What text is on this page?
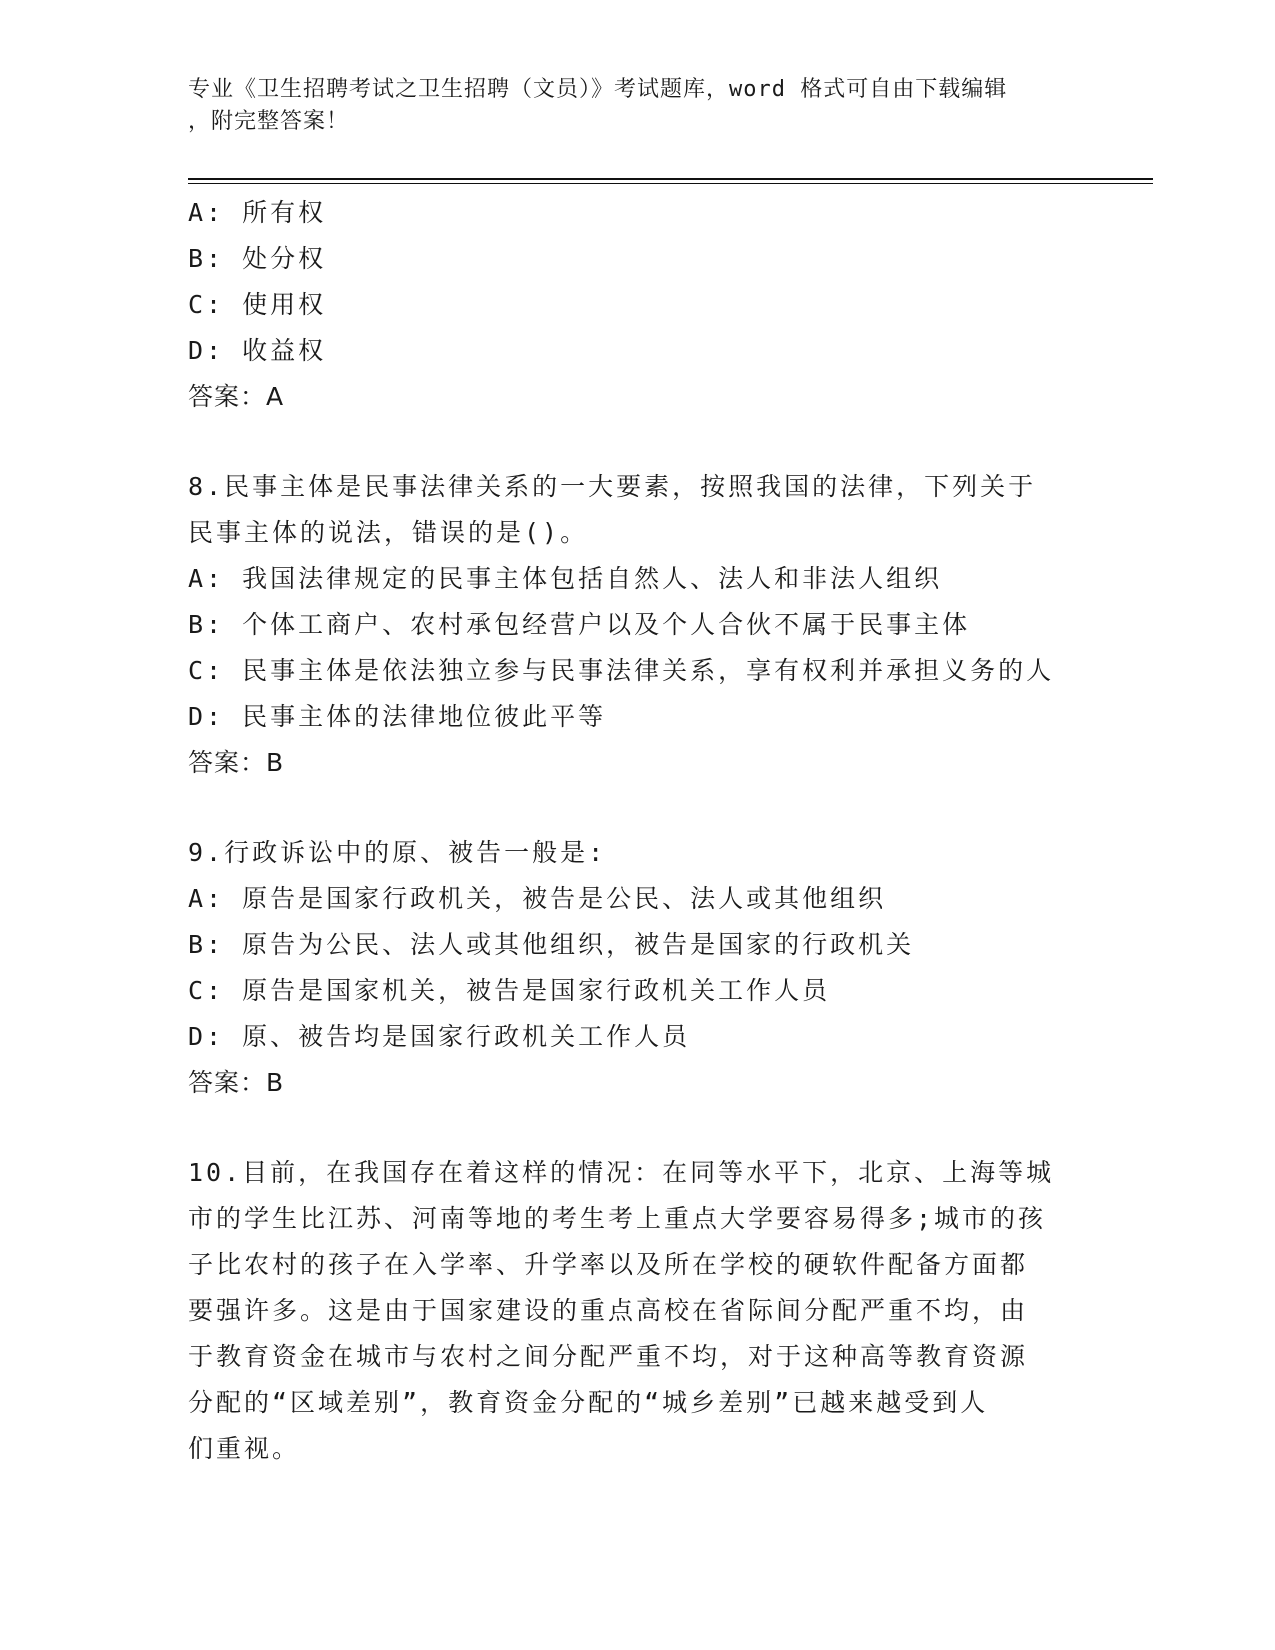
专业《卫生招聘考试之卫生招聘（文员）》考试题库，word 格式可自由下载编辑
，附完整答案！
A: 所有权
B: 处分权
C: 使用权
D: 收益权
答案：A
8.民事主体是民事法律关系的一大要素，按照我国的法律，下列关于
民事主体的说法，错误的是()。
A: 我国法律规定的民事主体包括自然人、法人和非法人组织
B: 个体工商户、农村承包经营户以及个人合伙不属于民事主体
C: 民事主体是依法独立参与民事法律关系，享有权利并承担义务的人
D: 民事主体的法律地位彼此平等
答案：B
9.行政诉讼中的原、被告一般是:
A: 原告是国家行政机关，被告是公民、法人或其他组织
B: 原告为公民、法人或其他组织，被告是国家的行政机关
C: 原告是国家机关，被告是国家行政机关工作人员
D: 原、被告均是国家行政机关工作人员
答案：B
10.目前，在我国存在着这样的情况：在同等水平下，北京、上海等城
市的学生比江苏、河南等地的考生考上重点大学要容易得多;城市的孩
子比农村的孩子在入学率、升学率以及所在学校的硬软件配备方面都
要强许多。这是由于国家建设的重点高校在省际间分配严重不均，由
于教育资金在城市与农村之间分配严重不均，对于这种高等教育资源
分配的“区域差别”，教育资金分配的“城乡差别”已越来越受到人
们重视。
